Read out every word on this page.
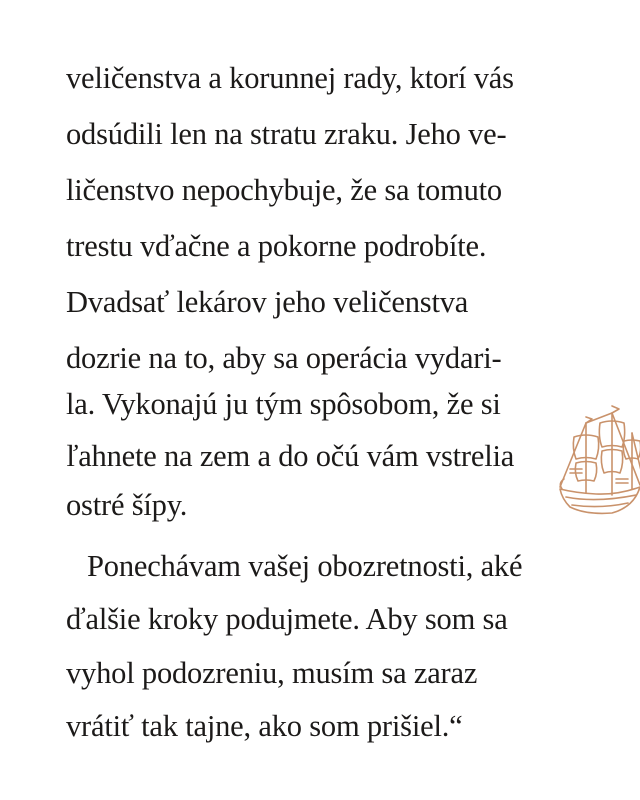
veličenstva a korunnej rady, ktorí vás
odsúdili len na stratu zraku. Jeho ve-
ličenstvo nepochybuje, že sa tomuto
trestu vďačne a pokorne podrobíte.
Dvadsať lekárov jeho veličenstva
dozrie na to, aby sa operácia vydari-
la. Vykonajú ju tým spôsobom, že si
ľahnete na zem a do očú vám vstrelia
ostré šípy.
Ponechávam vašej obozretnosti, aké
ďalšie kroky podujmete. Aby som sa
vyhol podozreniu, musím sa zaraz
vrátiť tak tajne, ako som prišiel.“
